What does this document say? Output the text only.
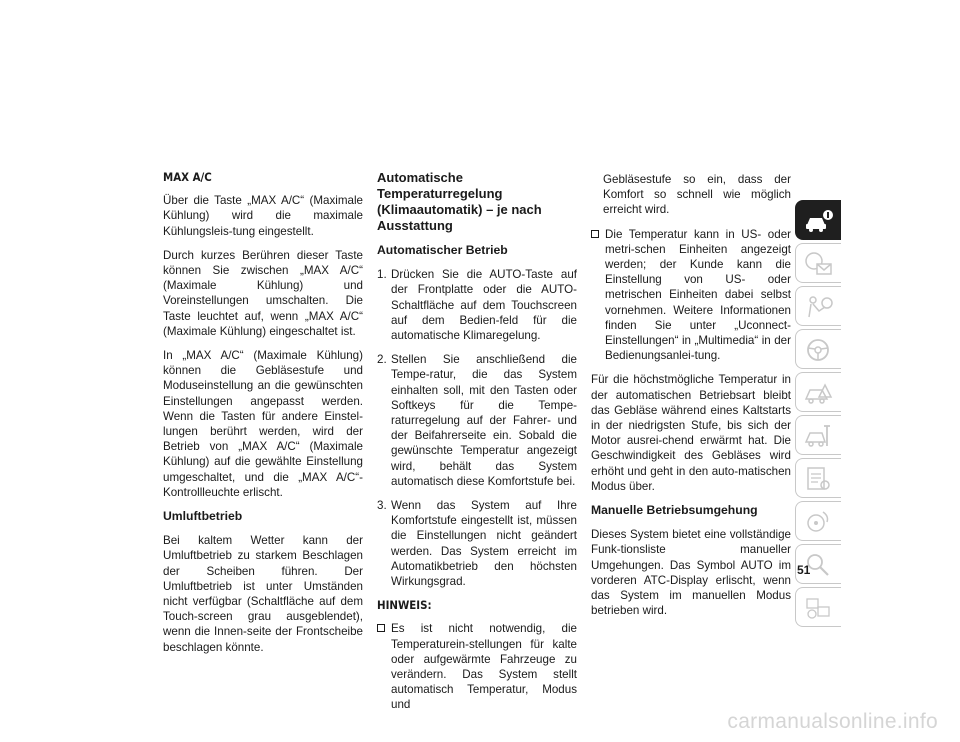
MAX A/C

Über die Taste „MAX A/C“ (Maximale Kühlung) wird die maximale Kühlungsleis-tung eingestellt.

Durch kurzes Berühren dieser Taste können Sie zwischen „MAX A/C“ (Maximale Kühlung) und Voreinstellungen umschalten. Die Taste leuchtet auf, wenn „MAX A/C“ (Maximale Kühlung) eingeschaltet ist.

In „MAX A/C“ (Maximale Kühlung) können die Gebläsestufe und Moduseinstellung an die gewünschten Einstellungen angepasst werden. Wenn die Tasten für andere Einstel-lungen berührt werden, wird der Betrieb von „MAX A/C“ (Maximale Kühlung) auf die gewählte Einstellung umgeschaltet, und die „MAX A/C“-Kontrollleuchte erlischt.

Umluftbetrieb

Bei kaltem Wetter kann der Umluftbetrieb zu starkem Beschlagen der Scheiben führen. Der Umluftbetrieb ist unter Umständen nicht verfügbar (Schaltfläche auf dem Touch-screen grau ausgeblendet), wenn die Innen-seite der Frontscheibe beschlagen könnte.

Automatische Temperaturregelung (Klimaautomatik) – je nach Ausstattung
Automatischer Betrieb
1. Drücken Sie die AUTO-Taste auf der Frontplatte oder die AUTO-Schaltfläche auf dem Touchscreen auf dem Bedien-feld für die automatische Klimaregelung.
2. Stellen Sie anschließend die Tempe-ratur, die das System einhalten soll, mit den Tasten oder Softkeys für die Tempe-raturregelung auf der Fahrer- und der Beifahrerseite ein. Sobald die gewünschte Temperatur angezeigt wird, behält das System automatisch diese Komfortstufe bei.
3. Wenn das System auf Ihre Komfortstufe eingestellt ist, müssen die Einstellungen nicht geändert werden. Das System erreicht im Automatikbetrieb den höchsten Wirkungsgrad.
HINWEIS:
Es ist nicht notwendig, die Temperaturein-stellungen für kalte oder aufgewärmte Fahrzeuge zu verändern. Das System stellt automatisch Temperatur, Modus und
Gebläsestufe so ein, dass der Komfort so schnell wie möglich erreicht wird.
Die Temperatur kann in US- oder metri-schen Einheiten angezeigt werden; der Kunde kann die Einstellung von US- oder metrischen Einheiten dabei selbst vornehmen. Weitere Informationen finden Sie unter „Uconnect-Einstellungen“ in „Multimedia“ in der Bedienungsanlei-tung.

Für die höchstmögliche Temperatur in der automatischen Betriebsart bleibt das Gebläse während eines Kaltstarts in der niedrigsten Stufe, bis sich der Motor ausrei-chend erwärmt hat. Die Geschwindigkeit des Gebläses wird erhöht und geht in den auto-matischen Modus über.

Manuelle Betriebsumgehung

Dieses System bietet eine vollständige Funk-tionsliste manueller Umgehungen. Das Symbol AUTO im vorderen ATC-Display erlischt, wenn das System im manuellen Modus betrieben wird.

51
carmanualsonline.info
